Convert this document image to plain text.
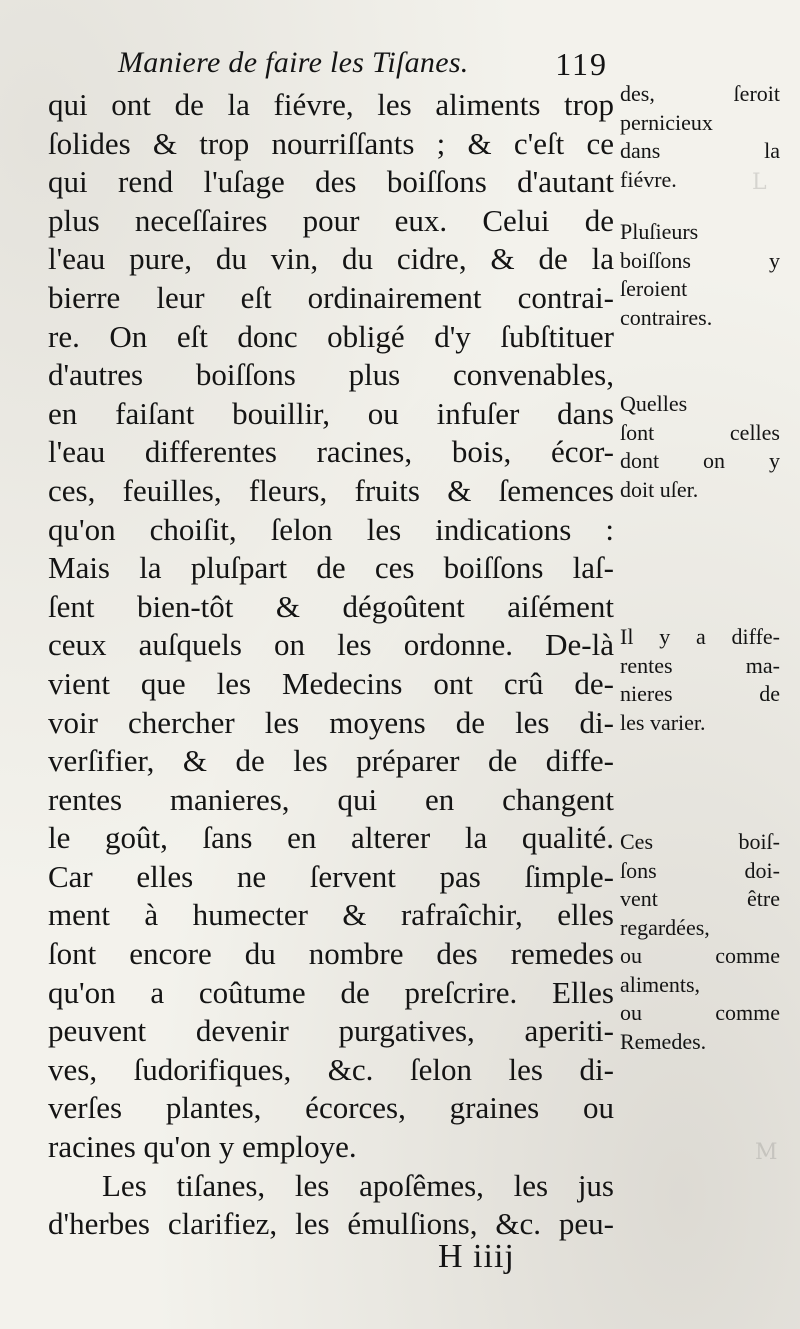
L
M
Maniere de faire les Tiſanes.	119
qui ont de la fiévre, les aliments trop
ſolides & trop nourriſſants ; & c'eſt ce
qui rend l'uſage des boiſſons d'autant
plus neceſſaires pour eux. Celui de
l'eau pure, du vin, du cidre, & de la
bierre leur eſt ordinairement contrai-
re. On eſt donc obligé d'y ſubſtituer
d'autres boiſſons plus convenables,
en faiſant bouillir, ou infuſer dans
l'eau differentes racines, bois, écor-
ces, feuilles, fleurs, fruits & ſemences
qu'on choiſit, ſelon les indications :
Mais la pluſpart de ces boiſſons laſ-
ſent bien-tôt & dégoûtent aiſément
ceux auſquels on les ordonne. De-là
vient que les Medecins ont crû de-
voir chercher les moyens de les di-
verſifier, & de les préparer de diffe-
rentes manieres, qui en changent
le goût, ſans en alterer la qualité.
Car elles ne ſervent pas ſimple-
ment à humecter & rafraîchir, elles
ſont encore du nombre des remedes
qu'on a coûtume de preſcrire. Elles
peuvent devenir purgatives, aperiti-
ves, ſudorifiques, &c. ſelon les di-
verſes plantes, écorces, graines ou
racines qu'on y employe.
Les tiſanes, les apoſêmes, les jus
d'herbes clarifiez, les émulſions, &c. peu-
des, ſeroit
pernicieux
dans la
fiévre.
Pluſieurs
boiſſons y
ſeroient
contraires.
Quelles
ſont celles
dont on y
doit uſer.
Il y a diffe-
rentes ma-
nieres de
les varier.
Ces boiſ-
ſons doi-
vent être
regardées,
ou comme
aliments,
ou comme
Remedes.
H iiij
